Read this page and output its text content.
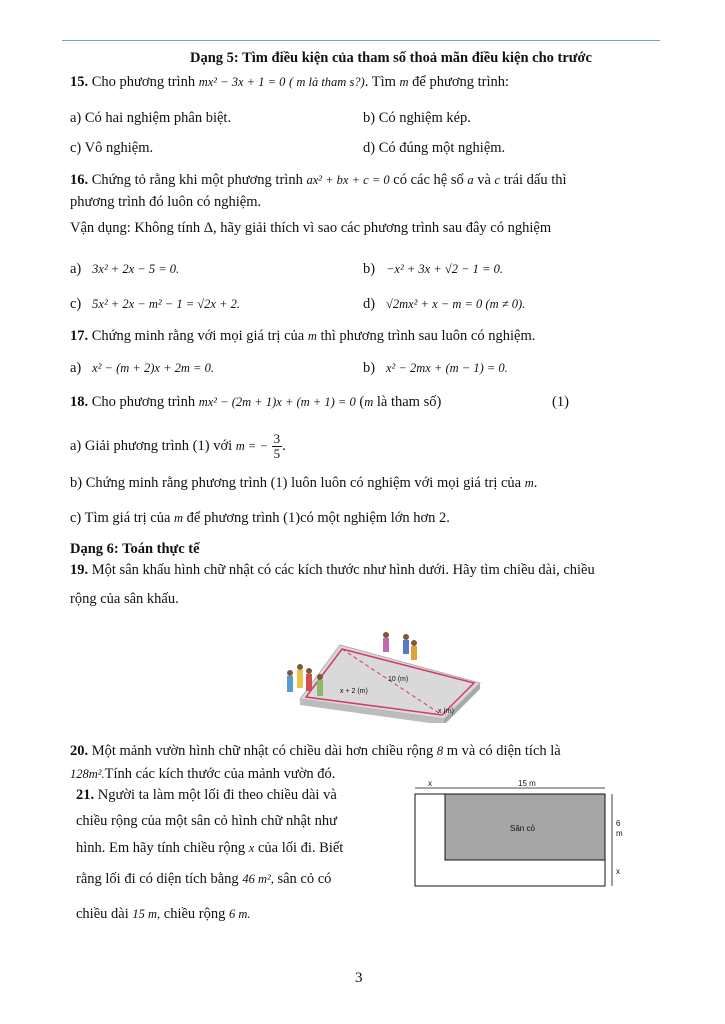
Dạng 5: Tìm điều kiện của tham số thoả mãn điều kiện cho trước
15. Cho phương trình mx² − 3x + 1 = 0 ( m là tham s?). Tìm m để phương trình:
a) Có hai nghiệm phân biệt.	b) Có nghiệm kép.
c) Vô nghiệm.	d) Có đúng một nghiệm.
16. Chứng tỏ rằng khi một phương trình ax² + bx + c = 0 có các hệ số a và c trái dấu thì
phương trình đó luôn có nghiệm.
Vận dụng: Không tính Δ, hãy giải thích vì sao các phương trình sau đây có nghiệm
a) 3x² + 2x − 5 = 0.	b) −x² + 3x + √2 − 1 = 0.
c) 5x² + 2x − m² − 1 = √2x + 2.	d) √2mx² + x − m = 0 (m ≠ 0).
17. Chứng minh rằng với mọi giá trị của m thì phương trình sau luôn có nghiệm.
a) x² − (m + 2)x + 2m = 0.	b) x² − 2mx + (m − 1) = 0.
18. Cho phương trình mx² − (2m + 1)x + (m + 1) = 0 (m là tham số)	(1)
a) Giải phương trình (1) với m = − $\frac{3}{5}$ .
b) Chứng minh rằng phương trình (1) luôn luôn có nghiệm với mọi giá trị của m.
c) Tìm giá trị của m để phương trình (1)có một nghiệm lớn hơn 2.
Dạng 6: Toán thực tế
19. Một sân khấu hình chữ nhật có các kích thước như hình dưới. Hãy tìm chiều dài, chiều
rộng của sân khấu.
10 (m)
x + 2 (m)
x (m)
20. Một mảnh vườn hình chữ nhật có chiều dài hơn chiều rộng 8 m và có diện tích là
128m².Tính các kích thước của mảnh vườn đó.
21. Người ta làm một lối đi theo chiều dài và
chiều rộng của một sân cỏ hình chữ nhật như
hình. Em hãy tính chiều rộng x của lối đi. Biết
rằng lối đi có diện tích bằng 46 m², sân cỏ có
chiều dài 15 m, chiều rộng 6 m.
x	15 m
Sân cỏ
6
m
x
3
